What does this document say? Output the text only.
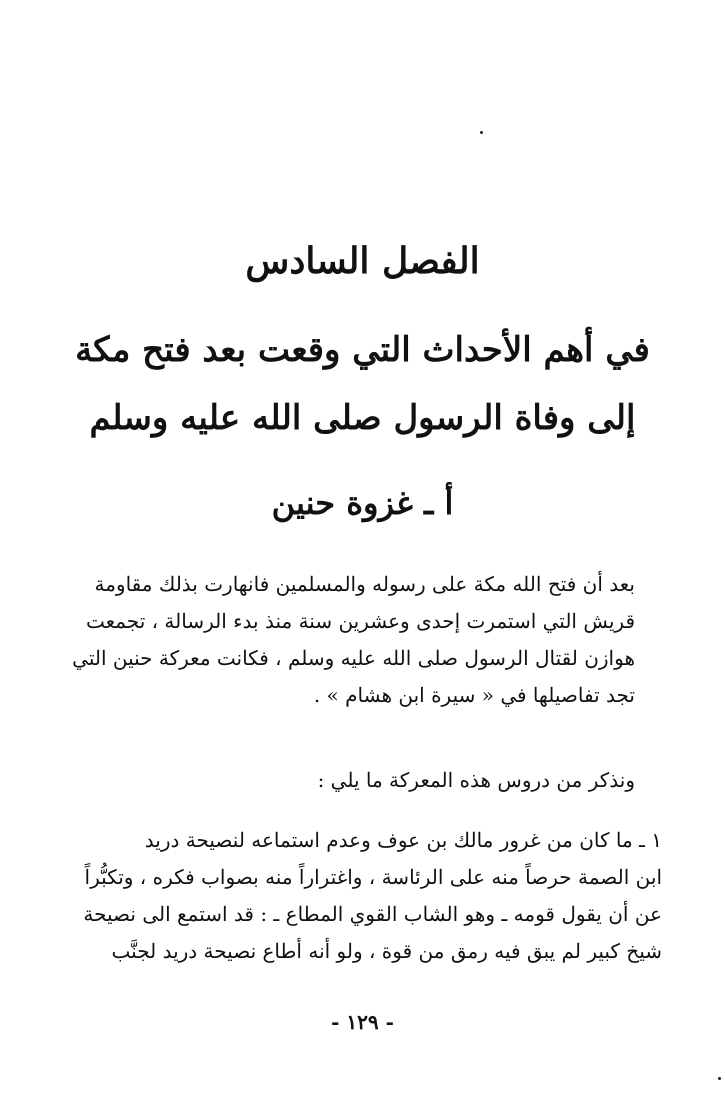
الفصل السادس
في أهم الأحداث التي وقعت بعد فتح مكة
إلى وفاة الرسول صلى الله عليه وسلم
أ ـ غزوة حنين
بعد أن فتح الله مكة على رسوله والمسلمين فانهارت بذلك مقاومة
قريش التي استمرت إحدى وعشرين سنة منذ بدء الرسالة ، تجمعت
هوازن لقتال الرسول صلى الله عليه وسلم ، فكانت معركة حنين التي
تجد تفاصيلها في « سيرة ابن هشام » .
ونذكر من دروس هذه المعركة ما يلي :
١ ـ ما كان من غرور مالك بن عوف وعدم استماعه لنصيحة دريد
ابن الصمة حرصاً منه على الرئاسة ، واغتراراً منه بصواب فكره ، وتكبُّراً
عن أن يقول قومه ـ وهو الشاب القوي المطاع ـ : قد استمع الى نصيحة
شيخ كبير لم يبق فيه رمق من قوة ، ولو أنه أطاع نصيحة دريد لجنَّب
- ١٢٩ -
